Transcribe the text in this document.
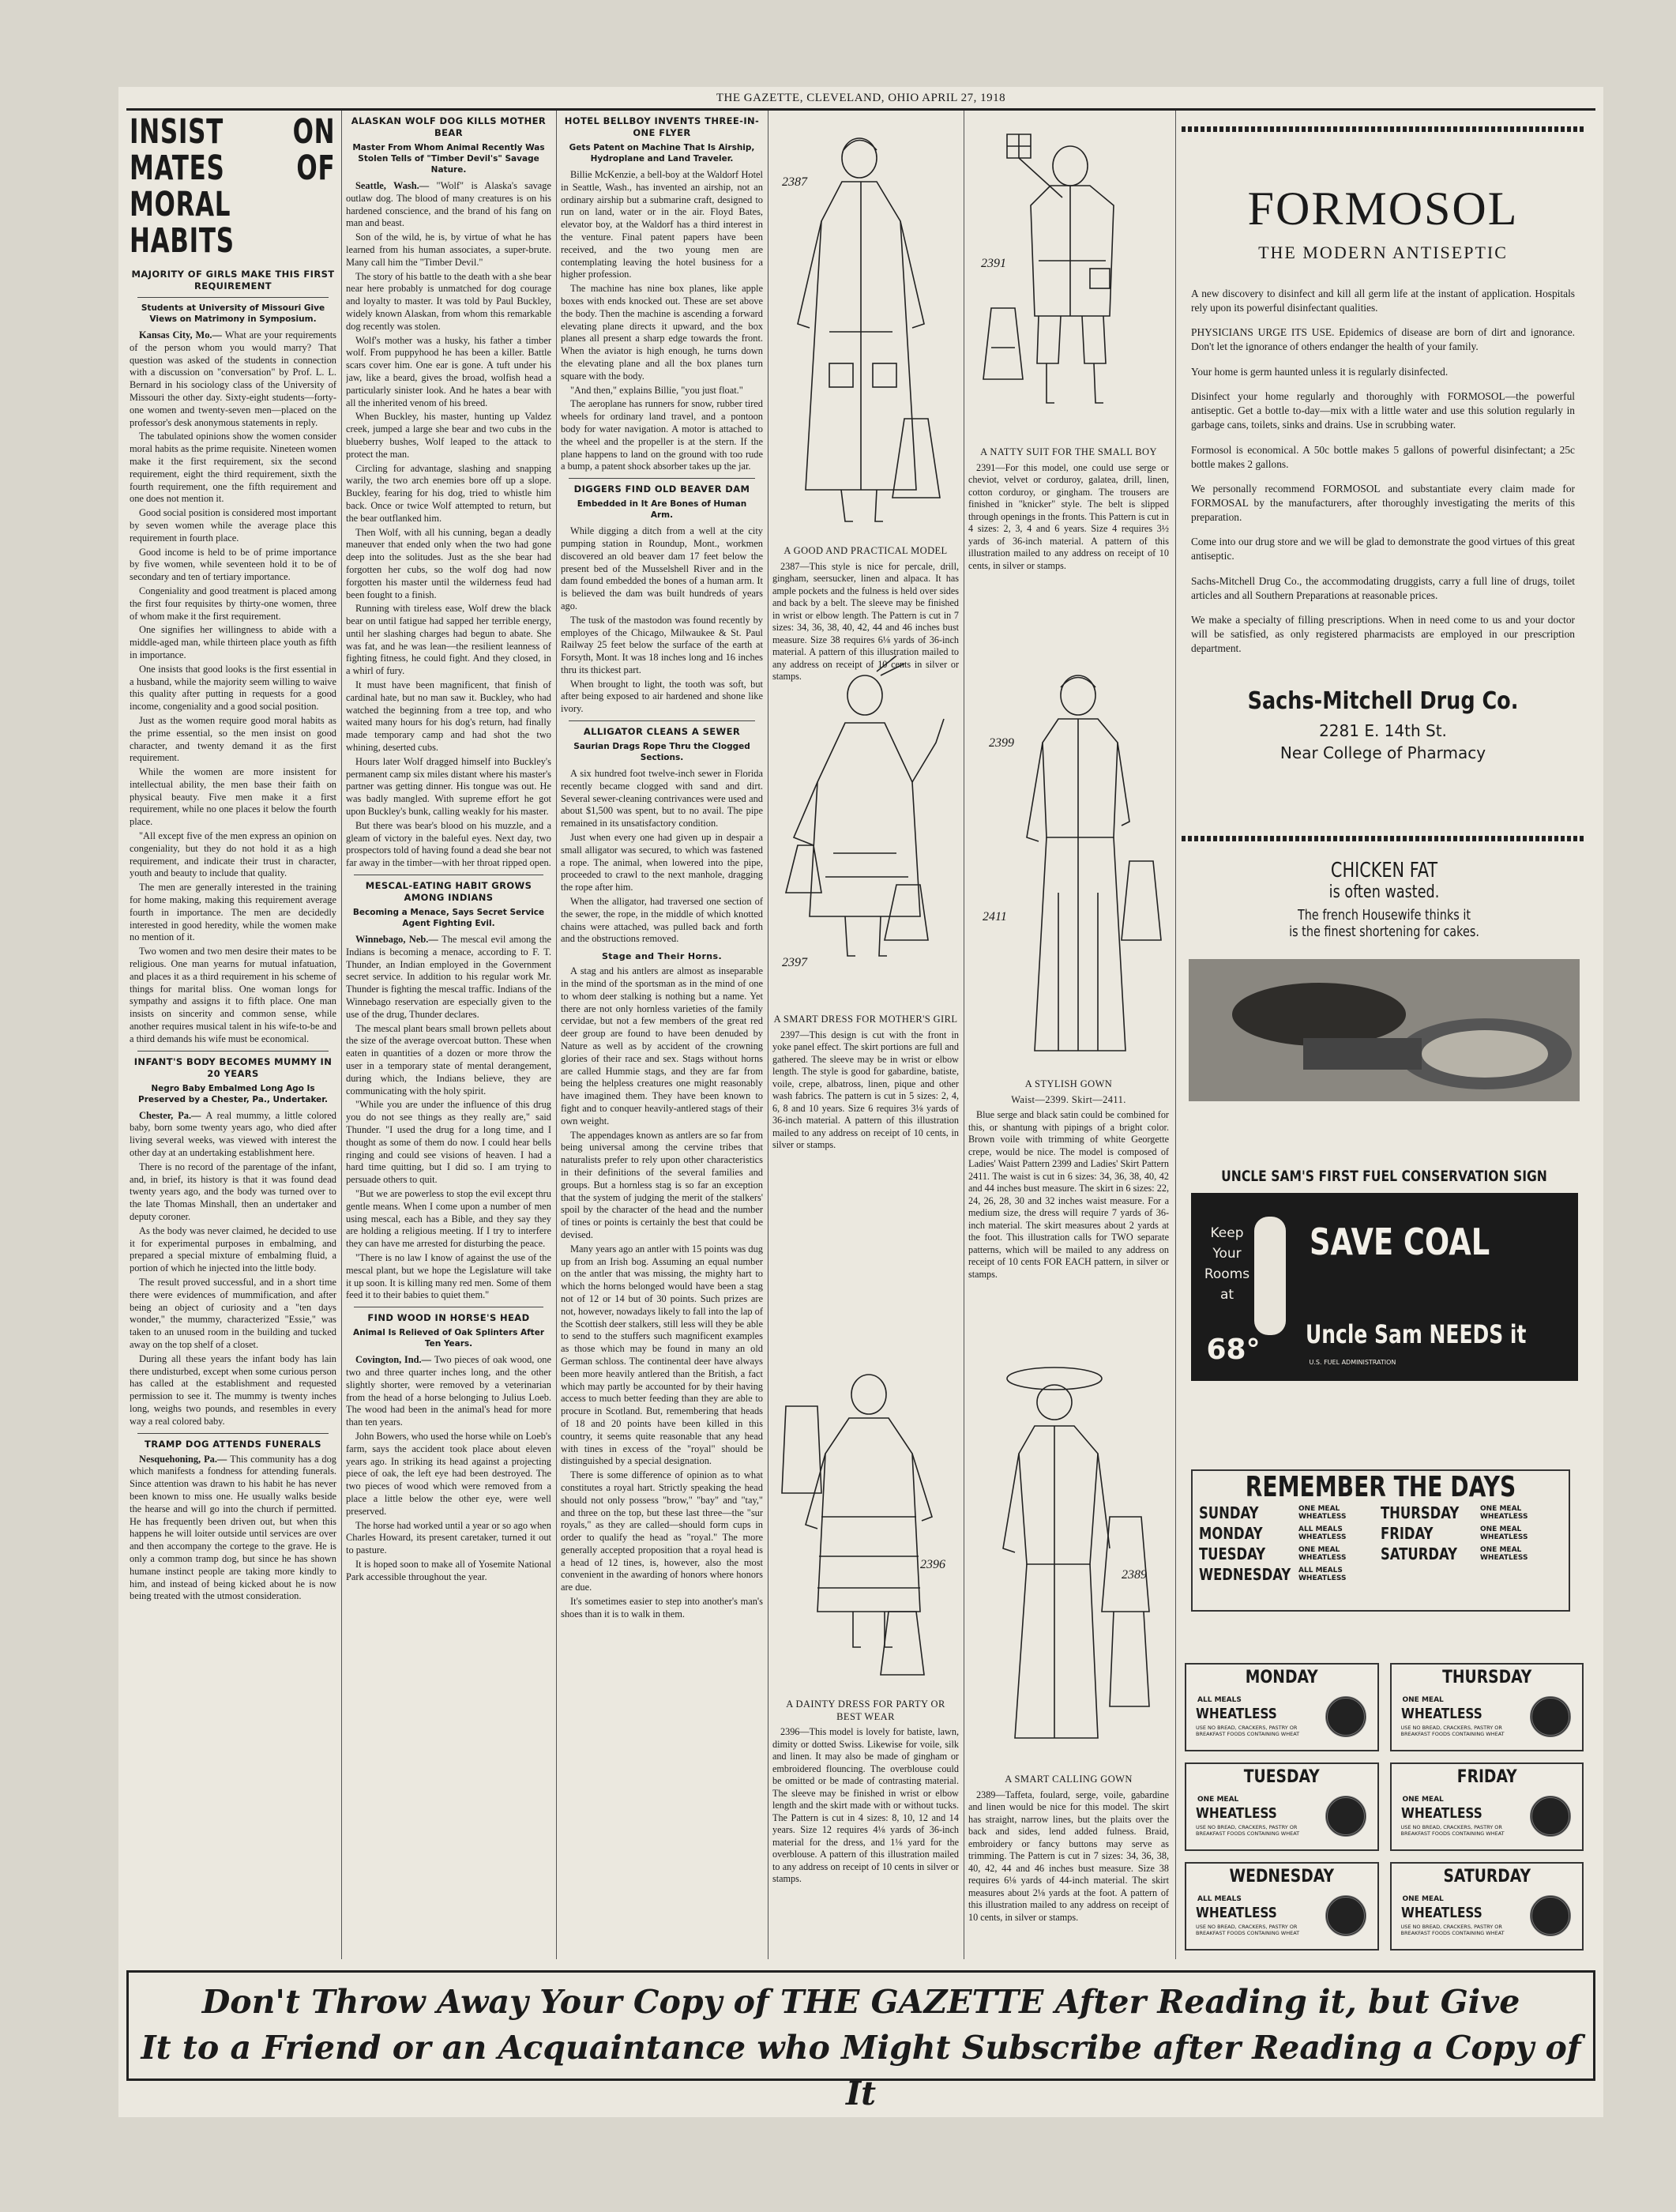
THE GAZETTE, CLEVELAND, OHIO APRIL 27, 1918
INSIST ON MATES OF MORAL HABITS
MAJORITY OF GIRLS MAKE THIS FIRST REQUIREMENT
Students at University of Missouri Give Views on Matrimony in Symposium.

Kansas City, Mo.— What are your requirements of the person whom you would marry? That question was asked of the students in connection with a discussion on "conversation" by Prof. L. L. Bernard in his sociology class of the University of Missouri the other day. Sixty-eight students—forty-one women and twenty-seven men—placed on the professor's desk anonymous statements in reply.

The tabulated opinions show the women consider moral habits as the prime requisite. Nineteen women make it the first requirement, six the second requirement, eight the third requirement, sixth the fourth requirement, one the fifth requirement and one does not mention it.

Good social position is considered most important by seven women while the average place this requirement in fourth place.

Good income is held to be of prime importance by five women, while seventeen hold it to be of secondary and ten of tertiary importance.

Congeniality and good treatment is placed among the first four requisites by thirty-one women, three of whom make it the first requirement.

One signifies her willingness to abide with a middle-aged man, while thirteen place youth as fifth in importance.

One insists that good looks is the first essential in a husband, while the majority seem willing to waive this quality after putting in requests for a good income, congeniality and a good social position.

Just as the women require good moral habits as the prime essential, so the men insist on good character, and twenty demand it as the first requirement.

While the women are more insistent for intellectual ability, the men base their faith on physical beauty. Five men make it a first requirement, while no one places it below the fourth place.

"All except five of the men express an opinion on congeniality, but they do not hold it as a high requirement, and indicate their trust in character, youth and beauty to include that quality.

The men are generally interested in the training for home making, making this requirement average fourth in importance. The men are decidedly interested in good heredity, while the women make no mention of it.

Two women and two men desire their mates to be religious. One man yearns for mutual infatuation, and places it as a third requirement in his scheme of things for marital bliss. One woman longs for sympathy and assigns it to fifth place. One man insists on sincerity and common sense, while another requires musical talent in his wife-to-be and a third demands his wife must be economical.

INFANT'S BODY BECOMES MUMMY IN 20 YEARS
Negro Baby Embalmed Long Ago Is Preserved by a Chester, Pa., Undertaker.

Chester, Pa.— A real mummy, a little colored baby, born some twenty years ago, who died after living several weeks, was viewed with interest the other day at an undertaking establishment here.

There is no record of the parentage of the infant, and, in brief, its history is that it was found dead twenty years ago, and the body was turned over to the late Thomas Minshall, then an undertaker and deputy coroner.

As the body was never claimed, he decided to use it for experimental purposes in embalming, and prepared a special mixture of embalming fluid, a portion of which he injected into the little body.

The result proved successful, and in a short time there were evidences of mummification, and after being an object of curiosity and a "ten days wonder," the mummy, characterized "Essie," was taken to an unused room in the building and tucked away on the top shelf of a closet.

During all these years the infant body has lain there undisturbed, except when some curious person has called at the establishment and requested permission to see it. The mummy is twenty inches long, weighs two pounds, and resembles in every way a real colored baby.

TRAMP DOG ATTENDS FUNERALS

Nesquehoning, Pa.— This community has a dog which manifests a fondness for attending funerals. Since attention was drawn to his habit he has never been known to miss one. He usually walks beside the hearse and will go into the church if permitted. He has frequently been driven out, but when this happens he will loiter outside until services are over and then accompany the cortege to the grave. He is only a common tramp dog, but since he has shown humane instinct people are taking more kindly to him, and instead of being kicked about he is now being treated with the utmost consideration.

ALASKAN WOLF DOG KILLS MOTHER BEAR
Master From Whom Animal Recently Was Stolen Tells of "Timber Devil's" Savage Nature.

Seattle, Wash.— "Wolf" is Alaska's savage outlaw dog. The blood of many creatures is on his hardened conscience, and the brand of his fang on man and beast.

Son of the wild, he is, by virtue of what he has learned from his human associates, a super-brute. Many call him the "Timber Devil."

The story of his battle to the death with a she bear near here probably is unmatched for dog courage and loyalty to master. It was told by Paul Buckley, widely known Alaskan, from whom this remarkable dog recently was stolen.

Wolf's mother was a husky, his father a timber wolf. From puppyhood he has been a killer. Battle scars cover him. One ear is gone. A tuft under his jaw, like a beard, gives the broad, wolfish head a particularly sinister look. And he hates a bear with all the inherited venom of his breed.

When Buckley, his master, hunting up Valdez creek, jumped a large she bear and two cubs in the blueberry bushes, Wolf leaped to the attack to protect the man.

Circling for advantage, slashing and snapping warily, the two arch enemies bore off up a slope. Buckley, fearing for his dog, tried to whistle him back. Once or twice Wolf attempted to return, but the bear outflanked him.

Then Wolf, with all his cunning, began a deadly maneuver that ended only when the two had gone deep into the solitudes. Just as the she bear had forgotten her cubs, so the wolf dog had now forgotten his master until the wilderness feud had been fought to a finish.

Running with tireless ease, Wolf drew the black bear on until fatigue had sapped her terrible energy, until her slashing charges had begun to abate. She was fat, and he was lean—the resilient leanness of fighting fitness, he could fight. And they closed, in a whirl of fury.

It must have been magnificent, that finish of cardinal hate, but no man saw it. Buckley, who had watched the beginning from a tree top, and who waited many hours for his dog's return, had finally made temporary camp and had shot the two whining, deserted cubs.

Hours later Wolf dragged himself into Buckley's permanent camp six miles distant where his master's partner was getting dinner. His tongue was out. He was badly mangled. With supreme effort he got upon Buckley's bunk, calling weakly for his master.

But there was bear's blood on his muzzle, and a gleam of victory in the baleful eyes. Next day, two prospectors told of having found a dead she bear not far away in the timber—with her throat ripped open.

MESCAL-EATING HABIT GROWS AMONG INDIANS
Becoming a Menace, Says Secret Service Agent Fighting Evil.

Winnebago, Neb.— The mescal evil among the Indians is becoming a menace, according to F. T. Thunder, an Indian employed in the Government secret service. In addition to his regular work Mr. Thunder is fighting the mescal traffic. Indians of the Winnebago reservation are especially given to the use of the drug, Thunder declares.

The mescal plant bears small brown pellets about the size of the average overcoat button. These when eaten in quantities of a dozen or more throw the user in a temporary state of mental derangement, during which, the Indians believe, they are communicating with the holy spirit.

"While you are under the influence of this drug you do not see things as they really are," said Thunder. "I used the drug for a long time, and I thought as some of them do now. I could hear bells ringing and could see visions of heaven. I had a hard time quitting, but I did so. I am trying to persuade others to quit.

"But we are powerless to stop the evil except thru gentle means. When I come upon a number of men using mescal, each has a Bible, and they say they are holding a religious meeting. If I try to interfere they can have me arrested for disturbing the peace.

"There is no law I know of against the use of the mescal plant, but we hope the Legislature will take it up soon. It is killing many red men. Some of them feed it to their babies to quiet them."

FIND WOOD IN HORSE'S HEAD
Animal Is Relieved of Oak Splinters After Ten Years.

Covington, Ind.— Two pieces of oak wood, one two and three quarter inches long, and the other slightly shorter, were removed by a veterinarian from the head of a horse belonging to Julius Loeb. The wood had been in the animal's head for more than ten years.

John Bowers, who used the horse while on Loeb's farm, says the accident took place about eleven years ago. In striking its head against a projecting piece of oak, the left eye had been destroyed. The two pieces of wood which were removed from a place a little below the other eye, were well preserved.

The horse had worked until a year or so ago when Charles Howard, its present caretaker, turned it out to pasture.

It is hoped soon to make all of Yosemite National Park accessible throughout the year.

HOTEL BELLBOY INVENTS THREE-IN-ONE FLYER
Gets Patent on Machine That Is Airship, Hydroplane and Land Traveler.

Billie McKenzie, a bell-boy at the Waldorf Hotel in Seattle, Wash., has invented an airship, not an ordinary airship but a submarine craft, designed to run on land, water or in the air. Floyd Bates, elevator boy, at the Waldorf has a third interest in the venture. Final patent papers have been received, and the two young men are contemplating leaving the hotel business for a higher profession.

The machine has nine box planes, like apple boxes with ends knocked out. These are set above the body. Then the machine is ascending a forward elevating plane directs it upward, and the box planes all present a sharp edge towards the front. When the aviator is high enough, he turns down the elevating plane and all the box planes turn square with the body.

"And then," explains Billie, "you just float."

The aeroplane has runners for snow, rubber tired wheels for ordinary land travel, and a pontoon body for water navigation. A motor is attached to the wheel and the propeller is at the stern. If the plane happens to land on the ground with too rude a bump, a patent shock absorber takes up the jar.

DIGGERS FIND OLD BEAVER DAM
Embedded in It Are Bones of Human Arm.

While digging a ditch from a well at the city pumping station in Roundup, Mont., workmen discovered an old beaver dam 17 feet below the present bed of the Musselshell River and in the dam found embedded the bones of a human arm. It is believed the dam was built hundreds of years ago.

The tusk of the mastodon was found recently by employes of the Chicago, Milwaukee & St. Paul Railway 25 feet below the surface of the earth at Forsyth, Mont. It was 18 inches long and 16 inches thru its thickest part.

When brought to light, the tooth was soft, but after being exposed to air hardened and shone like ivory.

ALLIGATOR CLEANS A SEWER
Saurian Drags Rope Thru the Clogged Sections.

A six hundred foot twelve-inch sewer in Florida recently became clogged with sand and dirt. Several sewer-cleaning contrivances were used and about $1,500 was spent, but to no avail. The pipe remained in its unsatisfactory condition.

Just when every one had given up in despair a small alligator was secured, to which was fastened a rope. The animal, when lowered into the pipe, proceeded to crawl to the next manhole, dragging the rope after him.

When the alligator, had traversed one section of the sewer, the rope, in the middle of which knotted chains were attached, was pulled back and forth and the obstructions removed.

Stage and Their Horns.

A stag and his antlers are almost as inseparable in the mind of the sportsman as in the mind of one to whom deer stalking is nothing but a name. Yet there are not only hornless varieties of the family cervidae, but not a few members of the great red deer group are found to have been denuded by Nature as well as by accident of the crowning glories of their race and sex. Stags without horns are called Hummie stags, and they are far from being the helpless creatures one might reasonably have imagined them. They have been known to fight and to conquer heavily-antlered stags of their own weight.

The appendages known as antlers are so far from being universal among the cervine tribes that naturalists prefer to rely upon other characteristics in their definitions of the several families and groups. But a hornless stag is so far an exception that the system of judging the merit of the stalkers' spoil by the character of the head and the number of tines or points is certainly the best that could be devised.

Many years ago an antler with 15 points was dug up from an Irish bog. Assuming an equal number on the antler that was missing, the mighty hart to which the horns belonged would have been a stag not of 12 or 14 but of 30 points. Such prizes are not, however, nowadays likely to fall into the lap of the Scottish deer stalkers, still less will they be able to send to the stuffers such magnificent examples as those which may be found in many an old German schloss. The continental deer have always been more heavily antlered than the British, a fact which may partly be accounted for by their having access to much better feeding than they are able to procure in Scotland. But, remembering that heads of 18 and 20 points have been killed in this country, it seems quite reasonable that any head with tines in excess of the "royal" should be distinguished by a special designation.

There is some difference of opinion as to what constitutes a royal hart. Strictly speaking the head should not only possess "brow," "bay" and "tay," and three on the top, but these last three—the "sur royals," as they are called—should form cups in order to qualify the head as "royal." The more generally accepted proposition that a royal head is a head of 12 tines, is, however, also the most convenient in the awarding of honors where honors are due.

It's sometimes easier to step into another's man's shoes than it is to walk in them.

2387
2391
2397
2399
2411
2396
2389
A GOOD AND PRACTICAL MODEL

2387—This style is nice for percale, drill, gingham, seersucker, linen and alpaca. It has ample pockets and the fulness is held over sides and back by a belt. The sleeve may be finished in wrist or elbow length. The Pattern is cut in 7 sizes: 34, 36, 38, 40, 42, 44 and 46 inches bust measure. Size 38 requires 6⅛ yards of 36-inch material. A pattern of this illustration mailed to any address on receipt of 10 cents in silver or stamps.

A NATTY SUIT FOR THE SMALL BOY

2391—For this model, one could use serge or cheviot, velvet or corduroy, galatea, drill, linen, cotton corduroy, or gingham. The trousers are finished in "knicker" style. The belt is slipped through openings in the fronts. This Pattern is cut in 4 sizes: 2, 3, 4 and 6 years. Size 4 requires 3½ yards of 36-inch material. A pattern of this illustration mailed to any address on receipt of 10 cents, in silver or stamps.

A SMART DRESS FOR MOTHER'S GIRL

2397—This design is cut with the front in yoke panel effect. The skirt portions are full and gathered. The sleeve may be in wrist or elbow length. The style is good for gabardine, batiste, voile, crepe, albatross, linen, pique and other wash fabrics. The pattern is cut in 5 sizes: 2, 4, 6, 8 and 10 years. Size 6 requires 3⅛ yards of 36-inch material. A pattern of this illustration mailed to any address on receipt of 10 cents, in silver or stamps.

A STYLISH GOWN
Waist—2399. Skirt—2411.

Blue serge and black satin could be combined for this, or shantung with pipings of a bright color. Brown voile with trimming of white Georgette crepe, would be nice. The model is composed of Ladies' Waist Pattern 2399 and Ladies' Skirt Pattern 2411. The waist is cut in 6 sizes: 34, 36, 38, 40, 42 and 44 inches bust measure. The skirt in 6 sizes: 22, 24, 26, 28, 30 and 32 inches waist measure. For a medium size, the dress will require 7 yards of 36-inch material. The skirt measures about 2 yards at the foot. This illustration calls for TWO separate patterns, which will be mailed to any address on receipt of 10 cents FOR EACH pattern, in silver or stamps.

A DAINTY DRESS FOR PARTY OR BEST WEAR

2396—This model is lovely for batiste, lawn, dimity or dotted Swiss. Likewise for voile, silk and linen. It may also be made of gingham or embroidered flouncing. The overblouse could be omitted or be made of contrasting material. The sleeve may be finished in wrist or elbow length and the skirt made with or without tucks. The Pattern is cut in 4 sizes: 8, 10, 12 and 14 years. Size 12 requires 4⅛ yards of 36-inch material for the dress, and 1⅛ yard for the overblouse. A pattern of this illustration mailed to any address on receipt of 10 cents in silver or stamps.

A SMART CALLING GOWN

2389—Taffeta, foulard, serge, voile, gabardine and linen would be nice for this model. The skirt has straight, narrow lines, but the plaits over the back and sides, lend added fulness. Braid, embroidery or fancy buttons may serve as trimming. The Pattern is cut in 7 sizes: 34, 36, 38, 40, 42, 44 and 46 inches bust measure. Size 38 requires 6⅛ yards of 44-inch material. The skirt measures about 2⅛ yards at the foot. A pattern of this illustration mailed to any address on receipt of 10 cents, in silver or stamps.

FORMOSOL
THE MODERN ANTISEPTIC

A new discovery to disinfect and kill all germ life at the instant of application. Hospitals rely upon its powerful disinfectant qualities.

PHYSICIANS URGE ITS USE. Epidemics of disease are born of dirt and ignorance. Don't let the ignorance of others endanger the health of your family.

Your home is germ haunted unless it is regularly disinfected.

Disinfect your home regularly and thoroughly with FORMOSOL—the powerful antiseptic. Get a bottle to-day—mix with a little water and use this solution regularly in garbage cans, toilets, sinks and drains. Use in scrubbing water.

Formosol is economical. A 50c bottle makes 5 gallons of powerful disinfectant; a 25c bottle makes 2 gallons.

We personally recommend FORMOSOL and substantiate every claim made for FORMOSAL by the manufacturers, after thoroughly investigating the merits of this preparation.

Come into our drug store and we will be glad to demonstrate the good virtues of this great antiseptic.

Sachs-Mitchell Drug Co., the accommodating druggists, carry a full line of drugs, toilet articles and all Southern Preparations at reasonable prices.

We make a specialty of filling prescriptions. When in need come to us and your doctor will be satisfied, as only registered pharmacists are employed in our prescription department.

Sachs-Mitchell Drug Co.
2281 E. 14th St.
Near College of Pharmacy
CHICKEN FAT
is often wasted.
The french Housewife thinks it
is the finest shortening for cakes.
UNCLE SAM'S FIRST FUEL CONSERVATION SIGN
Keep
Your
Rooms
at
68°
SAVE COAL
Uncle Sam NEEDS it
U.S. FUEL ADMINISTRATION
REMEMBER THE DAYS
SUNDAY	ONE MEAL WHEATLESS	THURSDAY	ONE MEAL WHEATLESS
MONDAY	ALL MEALS WHEATLESS	FRIDAY	ONE MEAL WHEATLESS
TUESDAY	ONE MEAL WHEATLESS	SATURDAY	ONE MEAL WHEATLESS
WEDNESDAY ALL MEALS WHEATLESS
MONDAY
ALL MEALS
WHEATLESS
USE NO BREAD, CRACKERS, PASTRY OR BREAKFAST FOODS CONTAINING WHEAT
THURSDAY
ONE MEAL
WHEATLESS
USE NO BREAD, CRACKERS, PASTRY OR BREAKFAST FOODS CONTAINING WHEAT
TUESDAY
ONE MEAL
WHEATLESS
USE NO BREAD, CRACKERS, PASTRY OR BREAKFAST FOODS CONTAINING WHEAT
FRIDAY
ONE MEAL
WHEATLESS
USE NO BREAD, CRACKERS, PASTRY OR BREAKFAST FOODS CONTAINING WHEAT
WEDNESDAY
ALL MEALS
WHEATLESS
USE NO BREAD, CRACKERS, PASTRY OR BREAKFAST FOODS CONTAINING WHEAT
SATURDAY
ONE MEAL
WHEATLESS
USE NO BREAD, CRACKERS, PASTRY OR BREAKFAST FOODS CONTAINING WHEAT
Don't Throw Away Your Copy of THE GAZETTE After Reading it, but Give
It to a Friend or an Acquaintance who Might Subscribe after Reading a Copy of It
